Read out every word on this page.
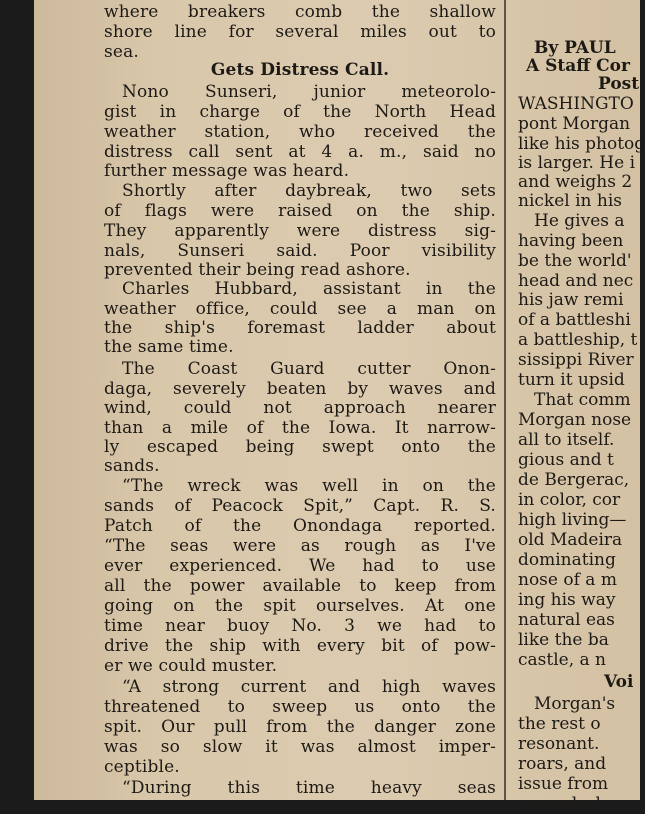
where breakers comb the shallow
shore line for several miles out to
sea.
Gets Distress Call.
Nono Sunseri, junior meteorolo-
gist in charge of the North Head
weather station, who received the
distress call sent at 4 a. m., said no
further message was heard.
Shortly after daybreak, two sets
of flags were raised on the ship.
They apparently were distress sig-
nals, Sunseri said. Poor visibility
prevented their being read ashore.
Charles Hubbard, assistant in the
weather office, could see a man on
the ship's foremast ladder about
the same time.
The Coast Guard cutter Onon-
daga, severely beaten by waves and
wind, could not approach nearer
than a mile of the Iowa. It narrow-
ly escaped being swept onto the
sands.
“The wreck was well in on the
sands of Peacock Spit,” Capt. R. S.
Patch of the Onondaga reported.
“The seas were as rough as I've
ever experienced. We had to use
all the power available to keep from
going on the spit ourselves. At one
time near buoy No. 3 we had to
drive the ship with every bit of pow-
er we could muster.
“A strong current and high waves
threatened to sweep us onto the
spit. Our pull from the danger zone
was so slow it was almost imper-
ceptible.
“During this time heavy seas
By PAUL
A Staff Cor
Post
WASHINGTO
pont Morgan
like his photog
is larger. He i
and weighs 2
nickel in his
He gives a
having been
be the world'
head and nec
his jaw remi
of a battleshi
a battleship, t
sissippi River
turn it upsid
That comm
Morgan nose
all to itself.
gious and t
de Bergerac,
in color, cor
high living—
old Madeira
dominating
nose of a m
ing his way
natural eas
like the ba
castle, a n
Voi
Morgan's
the rest o
resonant.
roars, and
issue from
an underl
